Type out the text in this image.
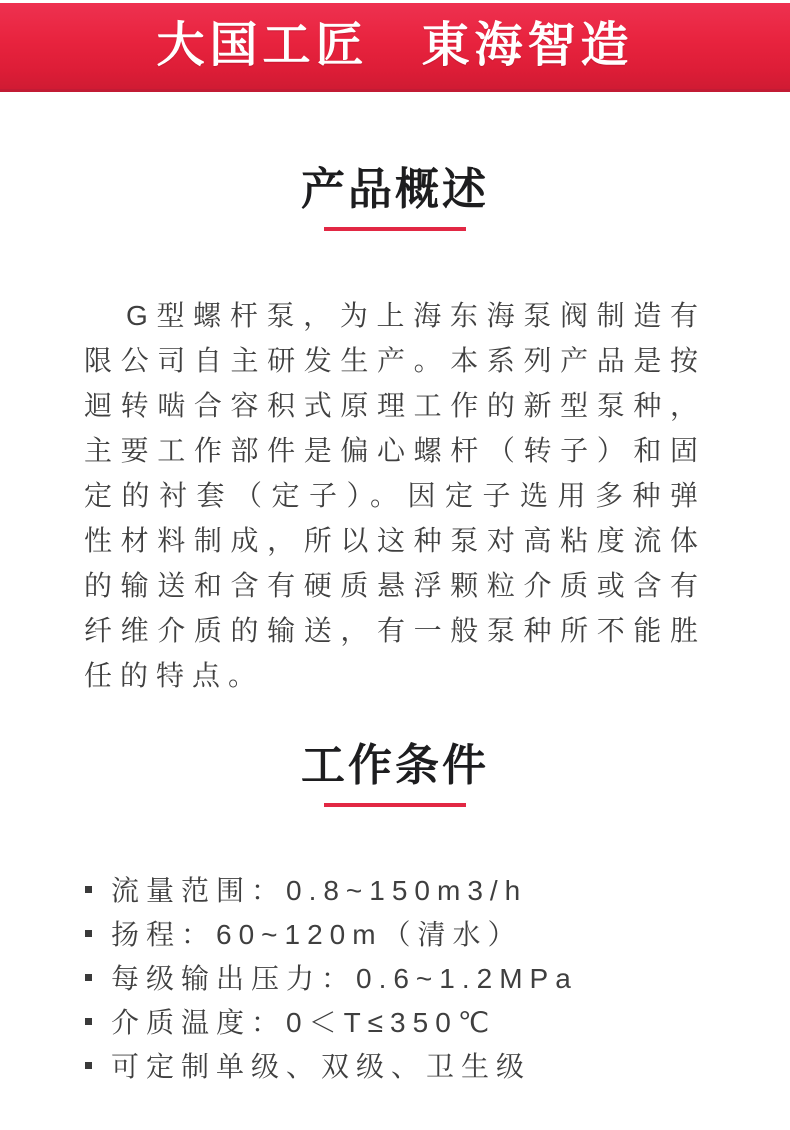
大国工匠　東海智造
产品概述

G型螺杆泵，为上海东海泵阀制造有限公司自主研发生产。本系列产品是按迴转啮合容积式原理工作的新型泵种，主要工作部件是偏心螺杆（转子）和固定的衬套（定子）。因定子选用多种弹性材料制成，所以这种泵对高粘度流体的输送和含有硬质悬浮颗粒介质或含有纤维介质的输送，有一般泵种所不能胜任的特点。

工作条件
流量范围：0.8~150m3/h
扬程：60~120m（清水）
每级输出压力：0.6~1.2MPa
介质温度：0＜T≤350℃
可定制单级、双级、卫生级
